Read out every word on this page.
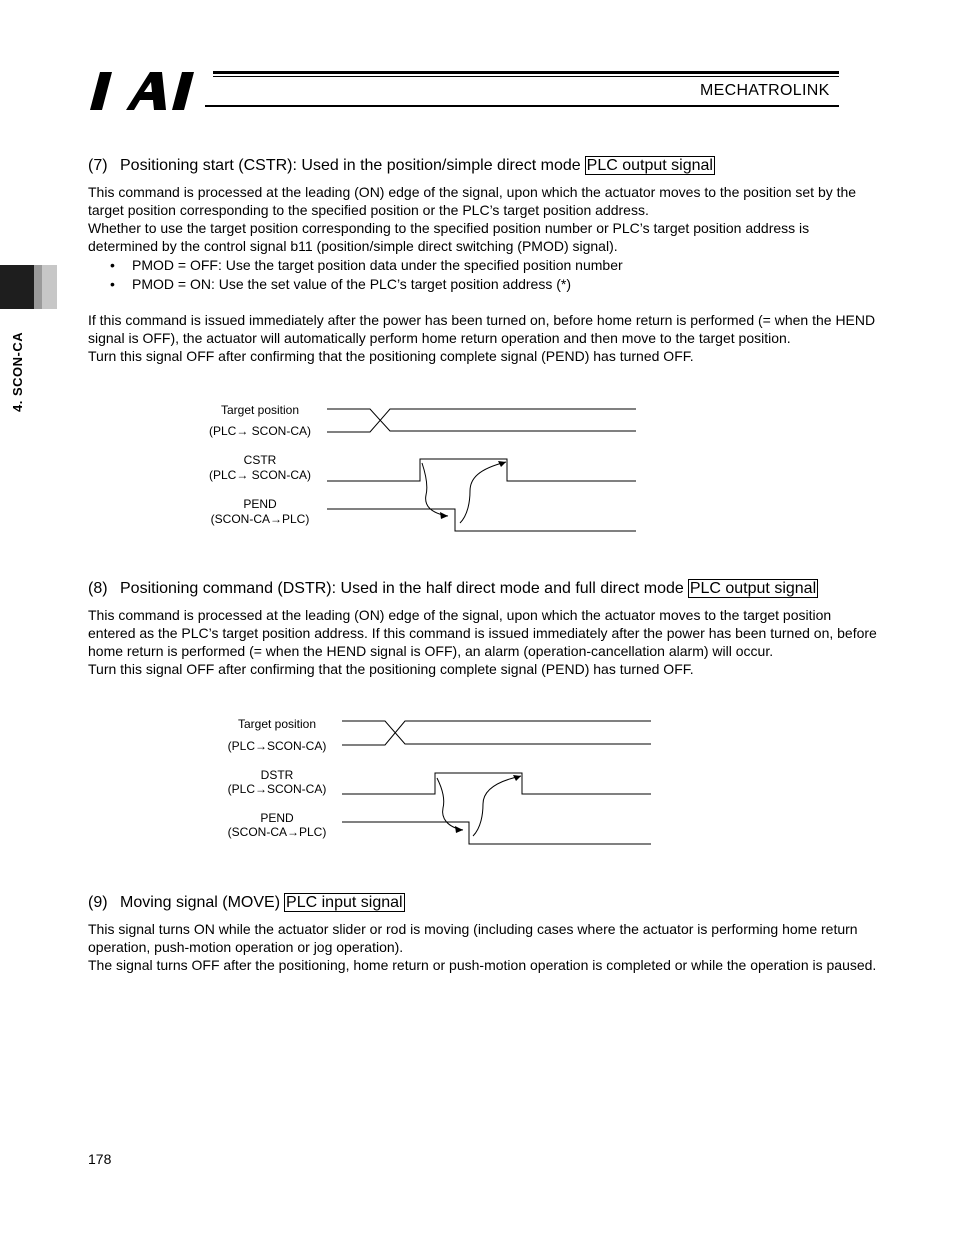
MECHATROLINK
4. SCON-CA
(7)  Positioning start (CSTR): Used in the position/simple direct mode PLC output signal

This command is processed at the leading (ON) edge of the signal, upon which the actuator moves to the position set by the target position corresponding to the specified position or the PLC’s target position address.

Whether to use the target position corresponding to the specified position number or PLC’s target position address is determined by the control signal b11 (position/simple direct switching (PMOD) signal).

• PMOD = OFF: Use the target position data under the specified position number
• PMOD = ON: Use the set value of the PLC’s target position address (*)

If this command is issued immediately after the power has been turned on, before home return is performed (= when the HEND signal is OFF), the actuator will automatically perform home return operation and then move to the target position.

Turn this signal OFF after confirming that the positioning complete signal (PEND) has turned OFF.

Target position
(PLC→ SCON-CA)
CSTR
(PLC→ SCON-CA)
PEND
(SCON-CA→PLC)
(8)  Positioning command (DSTR): Used in the half direct mode and full direct mode PLC output signal

This command is processed at the leading (ON) edge of the signal, upon which the actuator moves to the target position entered as the PLC’s target position address. If this command is issued immediately after the power has been turned on, before home return is performed (= when the HEND signal is OFF), an alarm (operation-cancellation alarm) will occur.

Turn this signal OFF after confirming that the positioning complete signal (PEND) has turned OFF.

Target position
(PLC→SCON-CA)
DSTR
(PLC→SCON-CA)
PEND
(SCON-CA→PLC)
(9)  Moving signal (MOVE) PLC input signal

This signal turns ON while the actuator slider or rod is moving (including cases where the actuator is performing home return operation, push-motion operation or jog operation).

The signal turns OFF after the positioning, home return or push-motion operation is completed or while the operation is paused.

178
